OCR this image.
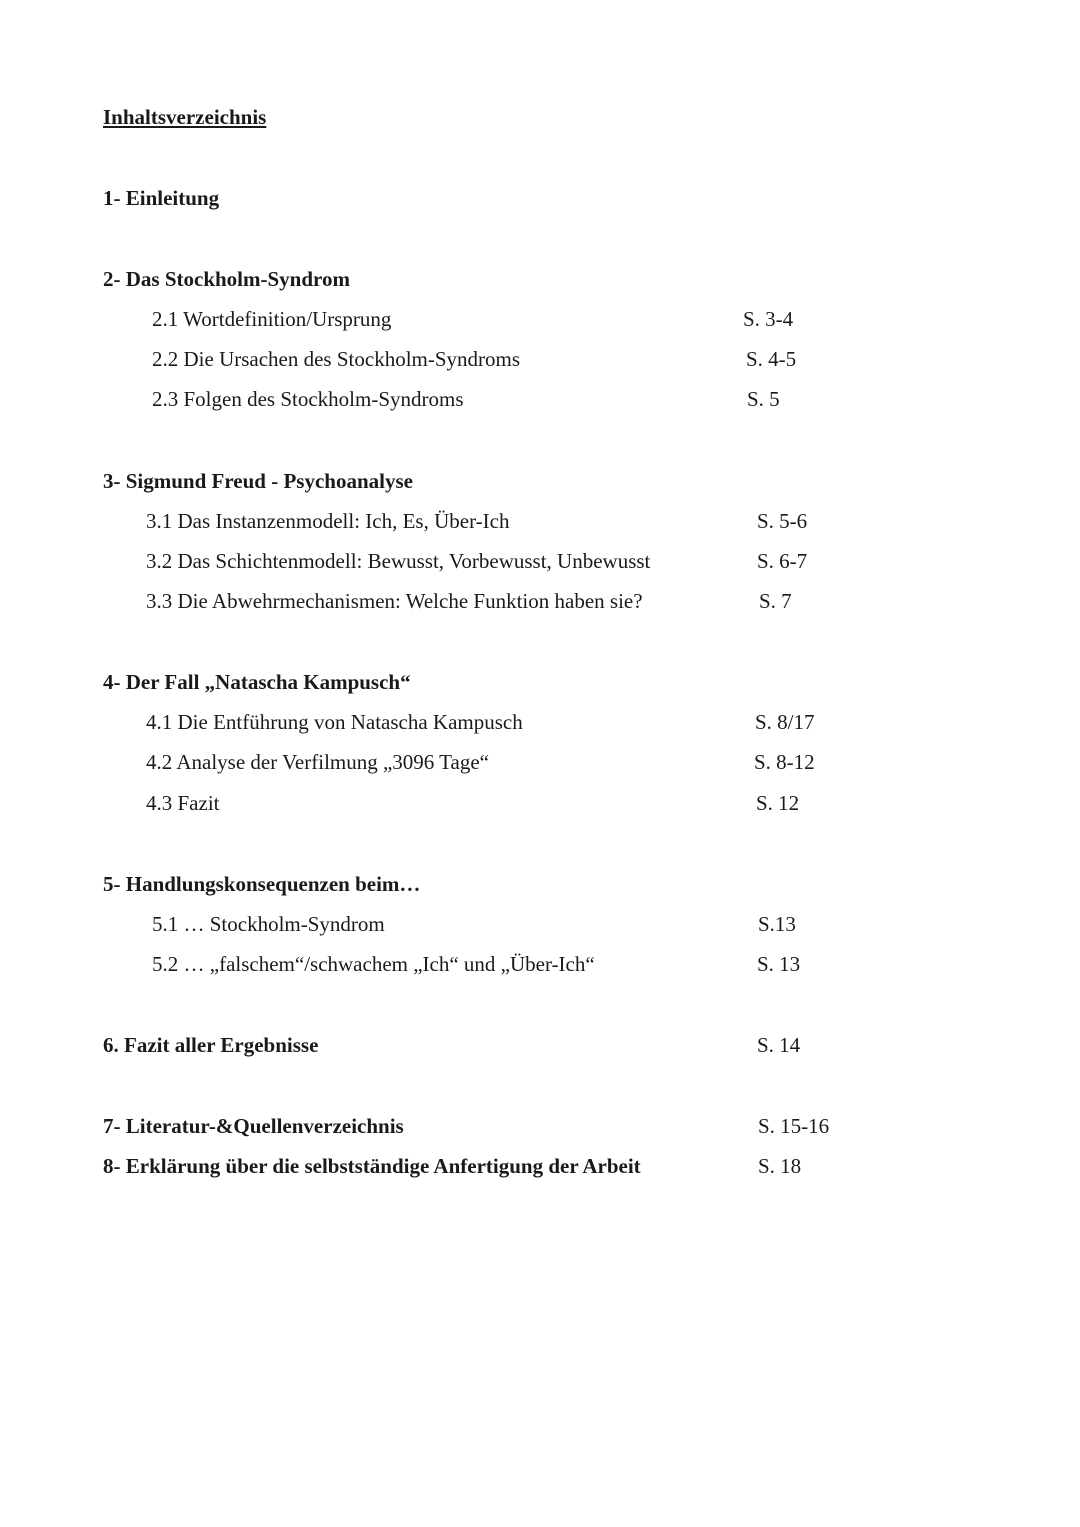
Inhaltsverzeichnis
1- Einleitung
2- Das Stockholm-Syndrom
2.1 Wortdefinition/Ursprung	S. 3-4
2.2 Die Ursachen des Stockholm-Syndroms	S. 4-5
2.3 Folgen des Stockholm-Syndroms	S. 5
3- Sigmund Freud - Psychoanalyse
3.1 Das Instanzenmodell: Ich, Es, Über-Ich	S. 5-6
3.2 Das Schichtenmodell: Bewusst, Vorbewusst, Unbewusst	S. 6-7
3.3 Die Abwehrmechanismen: Welche Funktion haben sie?	S. 7
4- Der Fall „Natascha Kampusch“
4.1 Die Entführung von Natascha Kampusch	S. 8/17
4.2 Analyse der Verfilmung „3096 Tage“	S. 8-12
4.3 Fazit	S. 12
5- Handlungskonsequenzen beim…
5.1 … Stockholm-Syndrom	S.13
5.2 … „falschem“/schwachem „Ich“ und „Über-Ich“	S. 13
6. Fazit aller Ergebnisse	S. 14
7- Literatur-&Quellenverzeichnis	S. 15-16
8- Erklärung über die selbstständige Anfertigung der Arbeit	S. 18
